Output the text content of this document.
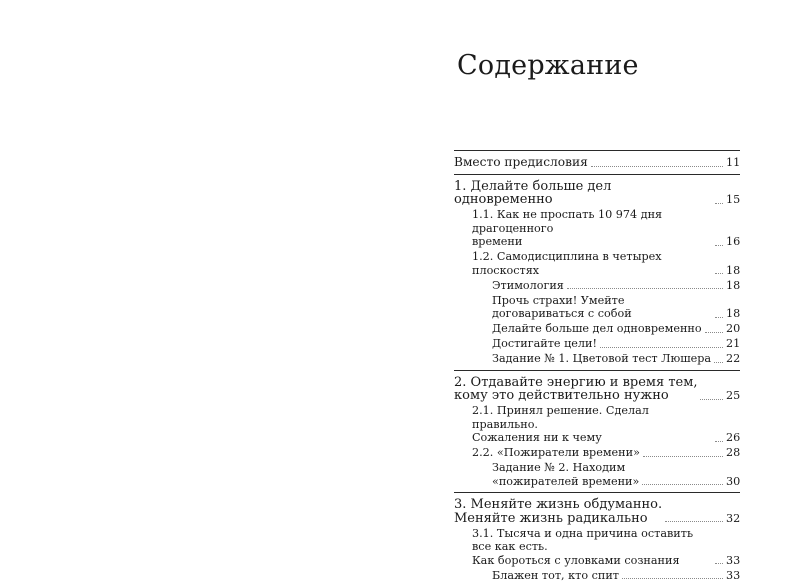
Содержание
Вместо предисловия	11
1. Делайте больше дел одновременно	15
1.1. Как не проспать 10 974 дня драгоценного
времени	16
1.2. Самодисциплина в четырех плоскостях	18
Этимология	18
Прочь страхи! Умейте договариваться с собой	18
Делайте больше дел одновременно 20
Достигайте цели!	21
Задание № 1. Цветовой тест Люшера 22
2. Отдавайте энергию и время тем,
кому это действительно нужно	25
2.1. Принял решение. Сделал правильно.
Сожаления ни к чему	26
2.2. «Пожиратели времени»	28
Задание № 2. Находим
«пожирателей времени»	30
3. Меняйте жизнь обдуманно.
Меняйте жизнь радикально	32
3.1. Тысяча и одна причина оставить все как есть.
Как бороться с уловками сознания	33
Блажен тот, кто спит	33
